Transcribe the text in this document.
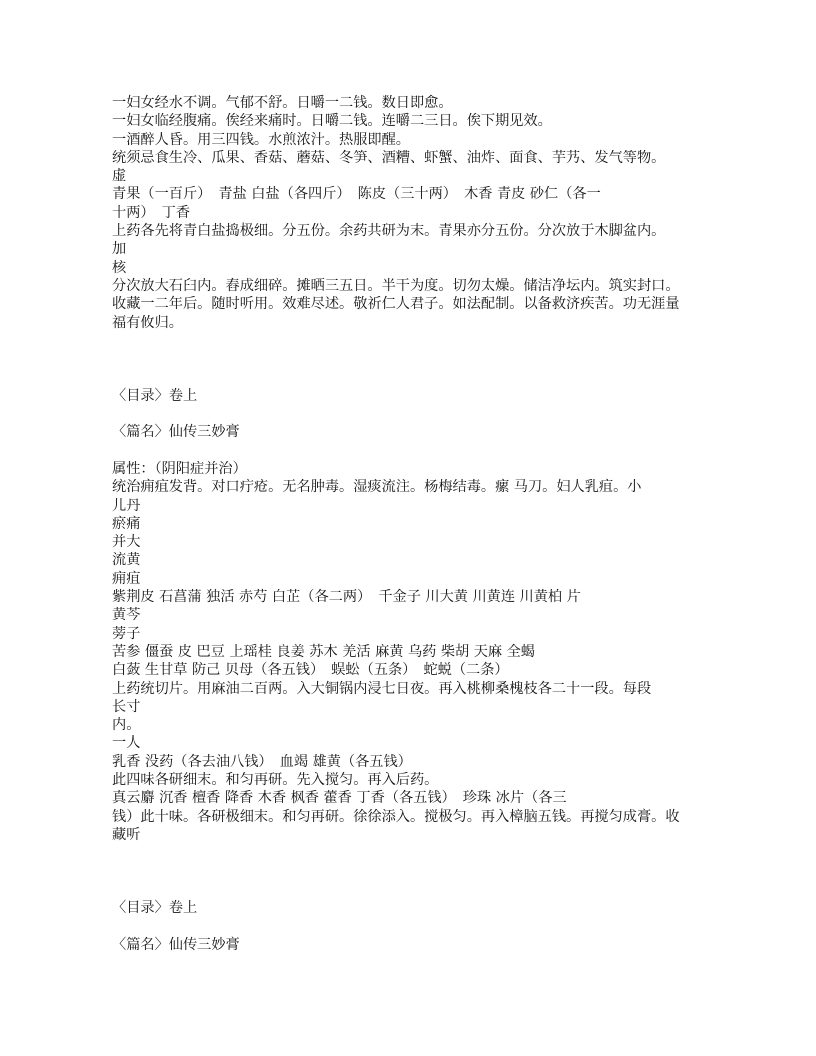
一妇女经水不调。气郁不舒。日嚼一二钱。数日即愈。
一妇女临经腹痛。俟经来痛时。日嚼二钱。连嚼二三日。俟下期见效。
一酒醉人昏。用三四钱。水煎浓汁。热服即醒。
统须忌食生冷、瓜果、香菇、蘑菇、冬笋、酒糟、虾蟹、油炸、面食、芋艿、发气等物。
虚
青果（一百斤）　青盐 白盐（各四斤）　陈皮（三十两）　木香 青皮 砂仁（各一
十两）　丁香
上药各先将青白盐捣极细。分五份。余药共研为末。青果亦分五份。分次放于木脚盆内。
加
核
分次放大石臼内。舂成细碎。摊晒三五日。半干为度。切勿太燥。储洁净坛内。筑实封口。
收藏一二年后。随时听用。效难尽述。敬祈仁人君子。如法配制。以备救济疾苦。功无涯量
福有攸归。
〈目录〉卷上
〈篇名〉仙传三妙膏
属性：（阴阳症并治）
统治痈疽发背。对口疔疮。无名肿毒。湿痰流注。杨梅结毒。瘰 马刀。妇人乳疽。小
儿丹
瘀痛
并大
流黄
痈疽
紫荆皮 石菖蒲 独活 赤芍 白芷（各二两）　千金子 川大黄 川黄连 川黄柏 片
黄芩
蒡子
苦参 僵蚕 皮 巴豆 上瑶桂 良姜 苏木 羌活 麻黄 乌药 柴胡 天麻 全蝎
白蔹 生甘草 防己 贝母（各五钱）　蜈蚣（五条）　蛇蜕（二条）
上药统切片。用麻油二百两。入大铜锅内浸七日夜。再入桃柳桑槐枝各二十一段。每段
长寸
内。
一人
乳香 没药（各去油八钱）　血竭 雄黄（各五钱）
此四味各研细末。和匀再研。先入搅匀。再入后药。
真云麝 沉香 檀香 降香 木香 枫香 藿香 丁香（各五钱）　珍珠 冰片（各三
钱）此十味。各研极细末。和匀再研。徐徐添入。搅极匀。再入樟脑五钱。再搅匀成膏。收
藏听
〈目录〉卷上
〈篇名〉仙传三妙膏
